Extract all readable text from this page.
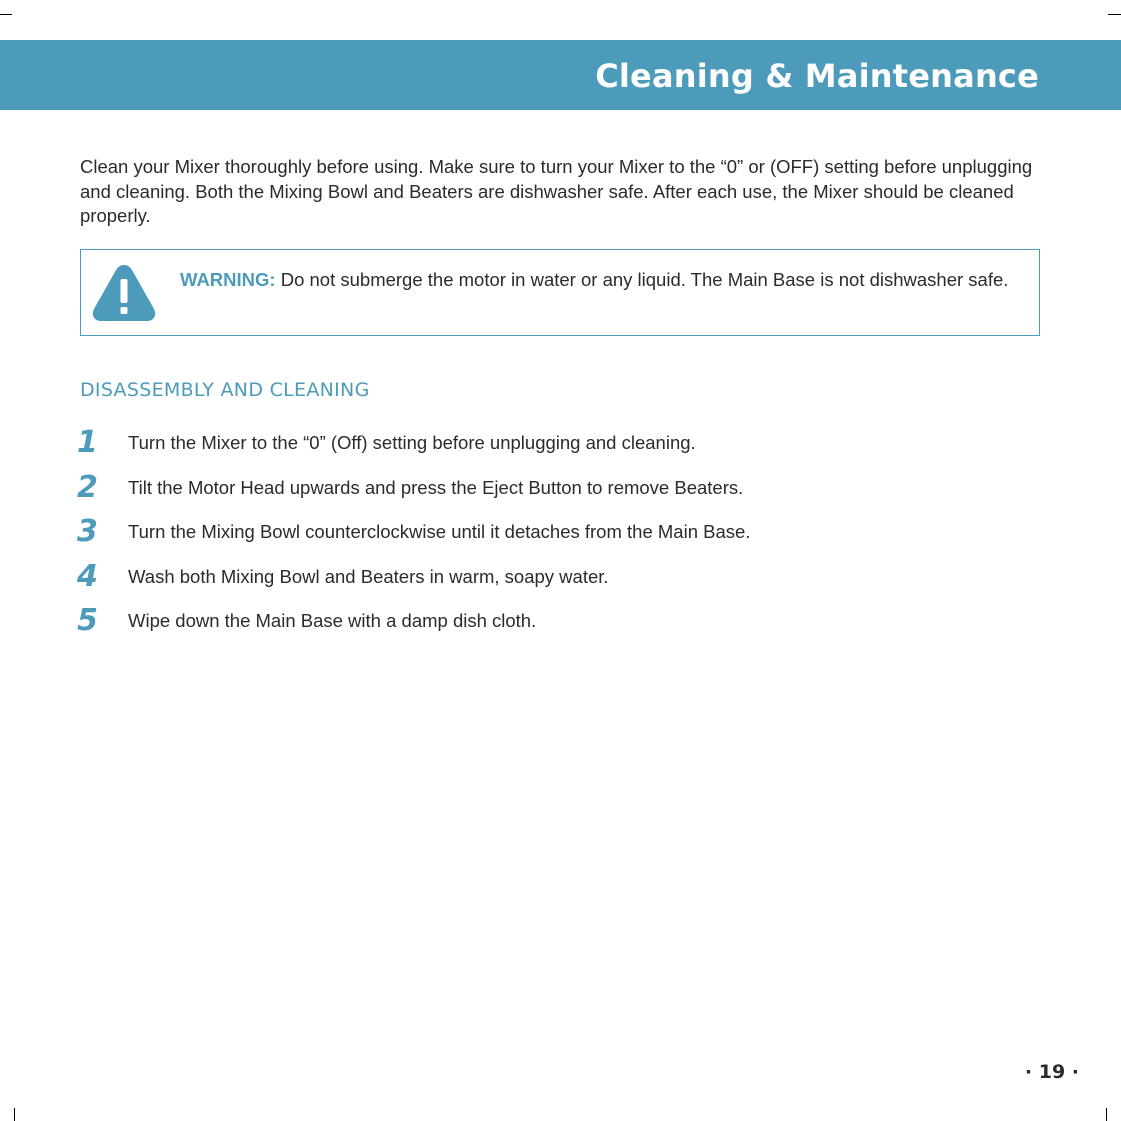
Cleaning & Maintenance

Clean your Mixer thoroughly before using. Make sure to turn your Mixer to the “0” or (OFF) setting before unplugging and cleaning. Both the Mixing Bowl and Beaters are dishwasher safe. After each use, the Mixer should be cleaned properly.

WARNING: Do not submerge the motor in water or any liquid. The Main Base is not dishwasher safe.

DISASSEMBLY AND CLEANING
1	Turn the Mixer to the “0” (Off) setting before unplugging and cleaning.
2	Tilt the Motor Head upwards and press the Eject Button to remove Beaters.
3	Turn the Mixing Bowl counterclockwise until it detaches from the Main Base.
4	Wash both Mixing Bowl and Beaters in warm, soapy water.
5	Wipe down the Main Base with a damp dish cloth.
· 19 ·
